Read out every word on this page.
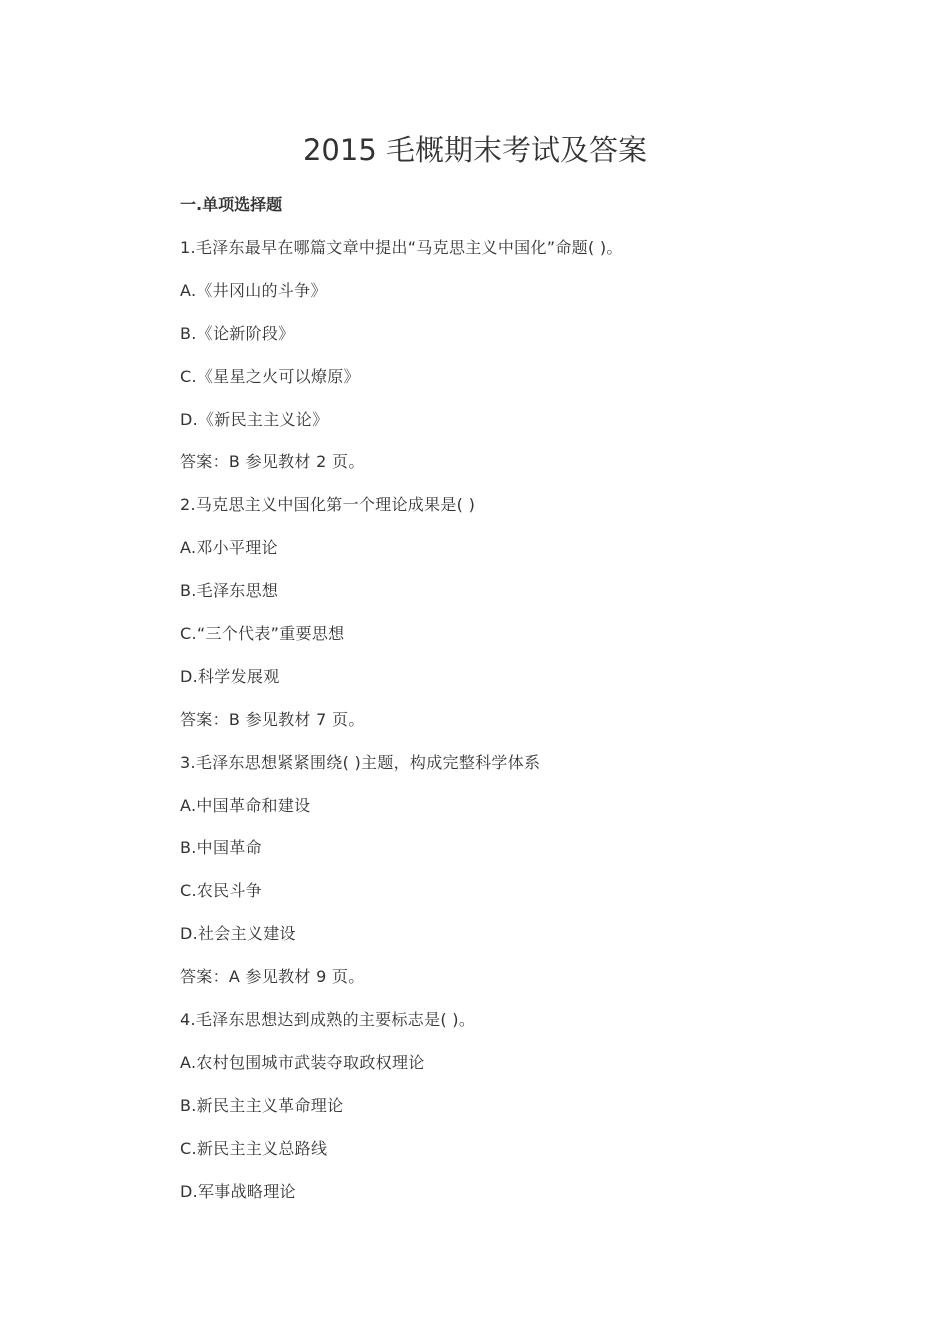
2015 毛概期末考试及答案
一.单项选择题
1.毛泽东最早在哪篇文章中提出“马克思主义中国化”命题( )。
A.《井冈山的斗争》
B.《论新阶段》
C.《星星之火可以燎原》
D.《新民主主义论》
答案：B 参见教材 2 页。
2.马克思主义中国化第一个理论成果是( )
A.邓小平理论
B.毛泽东思想
C.“三个代表”重要思想
D.科学发展观
答案：B 参见教材 7 页。
3.毛泽东思想紧紧围绕( )主题，构成完整科学体系
A.中国革命和建设
B.中国革命
C.农民斗争
D.社会主义建设
答案：A 参见教材 9 页。
4.毛泽东思想达到成熟的主要标志是( )。
A.农村包围城市武装夺取政权理论
B.新民主主义革命理论
C.新民主主义总路线
D.军事战略理论
